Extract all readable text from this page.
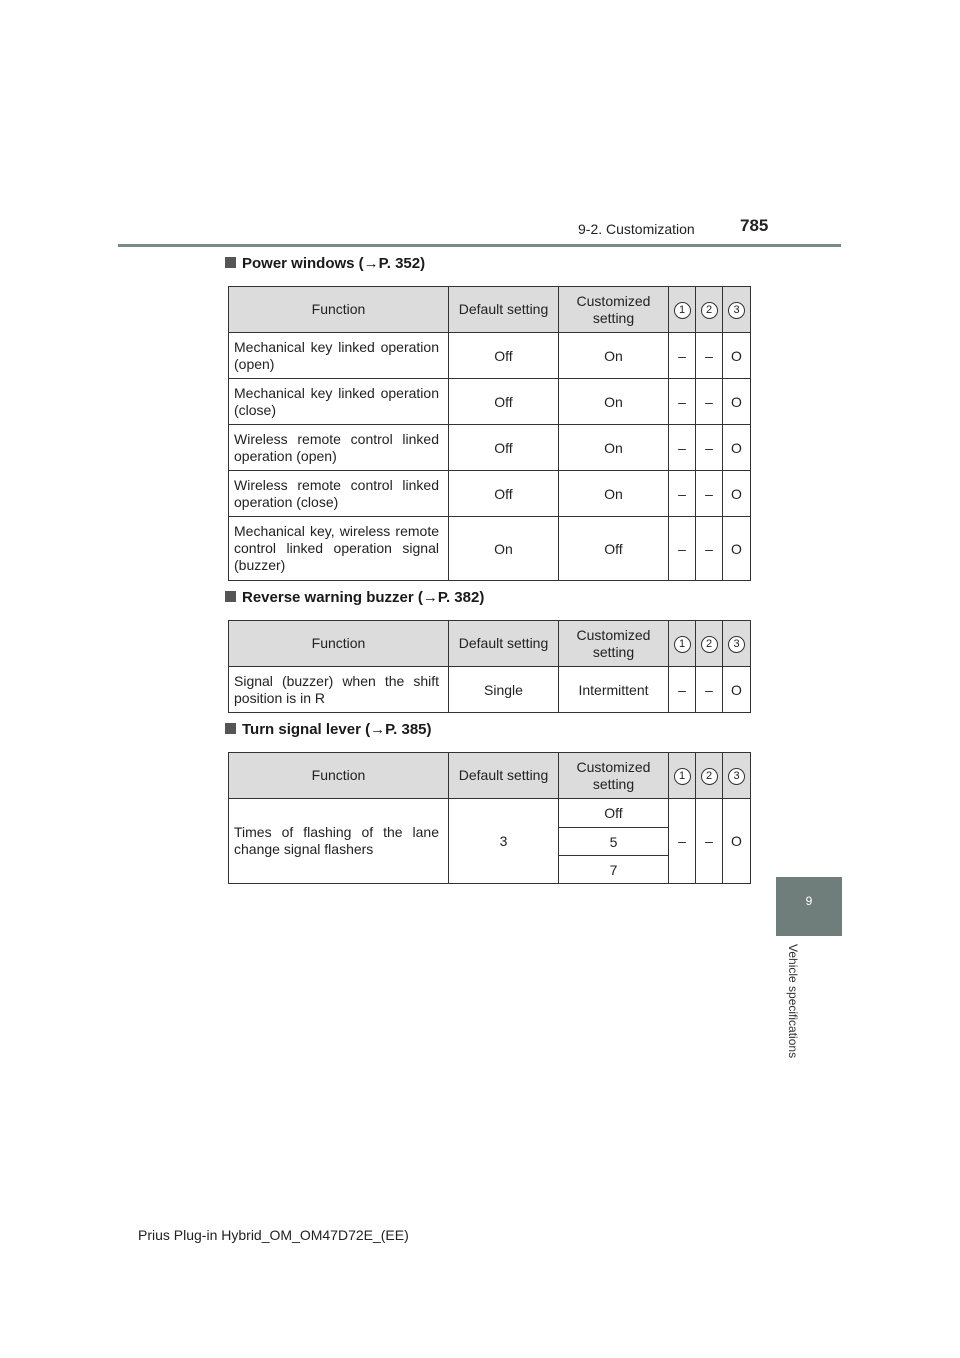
9-2. Customization	785
9
Vehicle specifications
Power windows (→P. 352)
Function	Default setting	Customized setting	1	2	3
Mechanical key linked operation (open)	Off	On	–	–	O
Mechanical key linked operation (close)	Off	On	–	–	O
Wireless remote control linked operation (open)	Off	On	–	–	O
Wireless remote control linked operation (close)	Off	On	–	–	O
Mechanical key, wireless remote control linked operation signal (buzzer)	On	Off	–	–	O
Reverse warning buzzer (→P. 382)
Function	Default setting	Customized setting	1	2	3
Signal (buzzer) when the shift position is in R	Single	Intermittent	–	–	O
Turn signal lever (→P. 385)
Function	Default setting	Customized setting	1	2	3
Times of flashing of the lane change signal flashers	3	Off	–	–	O
		5			
		7			
Prius Plug-in Hybrid_OM_OM47D72E_(EE)
